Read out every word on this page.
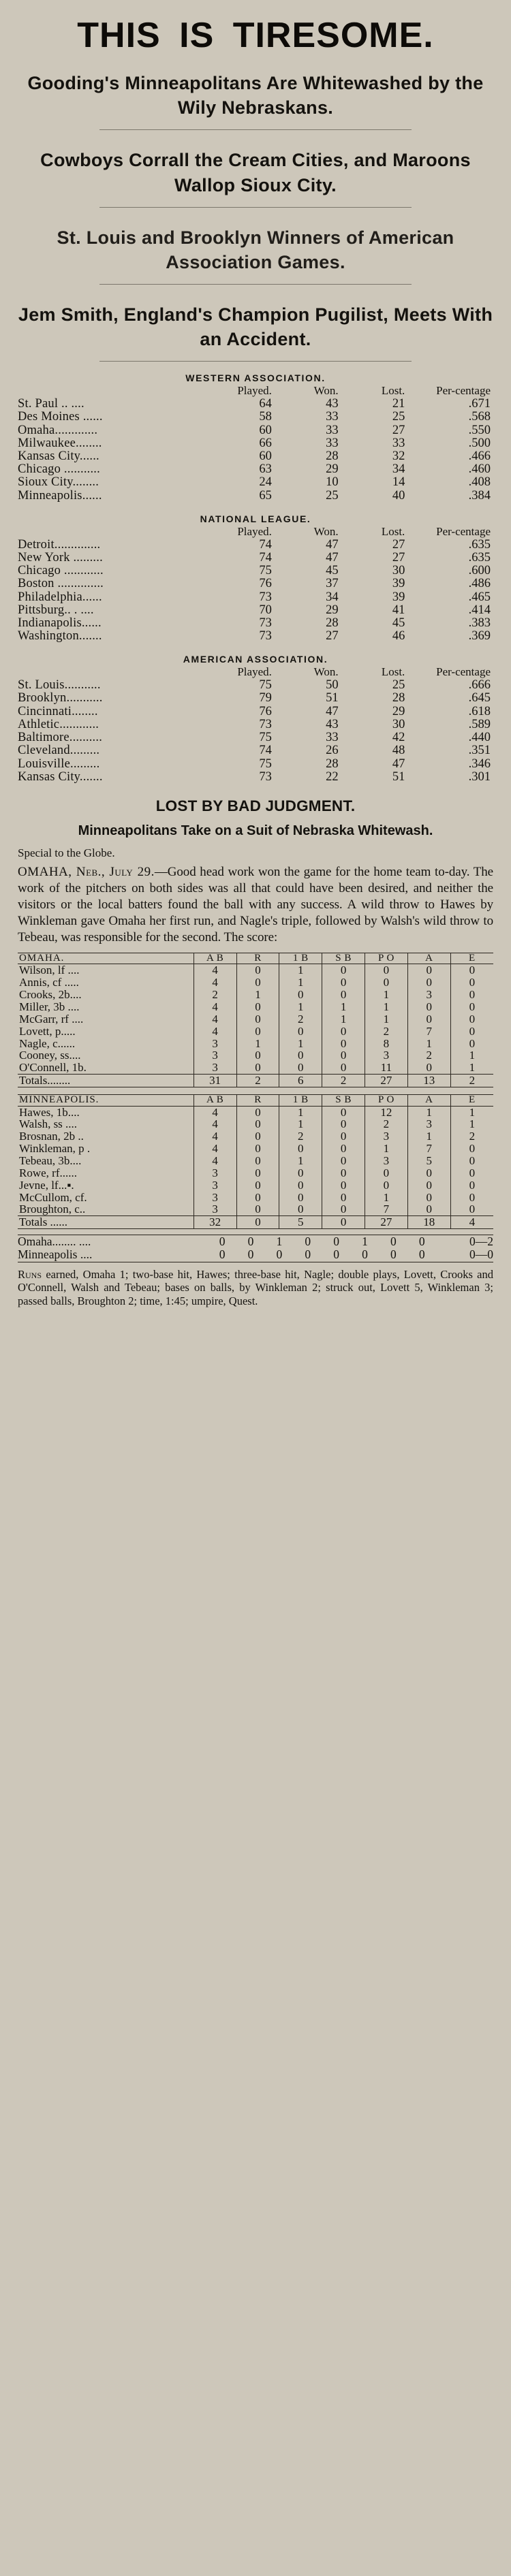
THIS IS TIRESOME.
Gooding's Minneapolitans Are Whitewashed by the Wily Nebraskans.
Cowboys Corrall the Cream Cities, and Maroons Wallop Sioux City.
St. Louis and Brooklyn Winners of American Association Games.
Jem Smith, England's Champion Pugilist, Meets With an Accident.
WESTERN ASSOCIATION.
	Played.	Won.	Lost.	Per-centage
St. Paul .. ....	64	43	21	.671
Des Moines ......	58	33	25	.568
Omaha.............	60	33	27	.550
Milwaukee........	66	33	33	.500
Kansas City......	60	28	32	.466
Chicago ...........	63	29	34	.460
Sioux City........	24	10	14	.408
Minneapolis......	65	25	40	.384
NATIONAL LEAGUE.
	Played.	Won.	Lost.	Per-centage
Detroit..............	74	47	27	.635
New York .........	74	47	27	.635
Chicago ............	75	45	30	.600
Boston ..............	76	37	39	.486
Philadelphia......	73	34	39	.465
Pittsburg.. . ....	70	29	41	.414
Indianapolis......	73	28	45	.383
Washington.......	73	27	46	.369
AMERICAN ASSOCIATION.
	Played.	Won.	Lost.	Per-centage
St. Louis...........	75	50	25	.666
Brooklyn...........	79	51	28	.645
Cincinnati........	76	47	29	.618
Athletic............	73	43	30	.589
Baltimore..........	75	33	42	.440
Cleveland.........	74	26	48	.351
Louisville.........	75	28	47	.346
Kansas City.......	73	22	51	.301
LOST BY BAD JUDGMENT.
Minneapolitans Take on a Suit of Nebraska Whitewash.
Special to the Globe.

OMAHA, Neb., July 29.—Good head work won the game for the home team to-day. The work of the pitchers on both sides was all that could have been desired, and neither the visitors or the local batters found the ball with any success. A wild throw to Hawes by Winkleman gave Omaha her first run, and Nagle's triple, followed by Walsh's wild throw to Tebeau, was responsible for the second. The score:

OMAHA.	A B	R	1 B	S B	P O	A	E
Wilson, lf ....	4	0	1	0	0	0	0
Annis, cf .....	4	0	1	0	0	0	0
Crooks, 2b....	2	1	0	0	1	3	0
Miller, 3b ....	4	0	1	1	1	0	0
McGarr, rf ....	4	0	2	1	1	0	0
Lovett, p.....	4	0	0	0	2	7	0
Nagle, c......	3	1	1	0	8	1	0
Cooney, ss....	3	0	0	0	3	2	1
O'Connell, 1b.	3	0	0	0	11	0	1
Totals........	31	2	6	2	27	13	2
MINNEAPOLIS.	A B	R	1 B	S B	P O	A	E
Hawes, 1b....	4	0	1	0	12	1	1
Walsh, ss ....	4	0	1	0	2	3	1
Brosnan, 2b ..	4	0	2	0	3	1	2
Winkleman, p .	4	0	0	0	1	7	0
Tebeau, 3b....	4	0	1	0	3	5	0
Rowe, rf......	3	0	0	0	0	0	0
Jevne, lf...▪.	3	0	0	0	0	0	0
McCullom, cf.	3	0	0	0	1	0	0
Broughton, c..	3	0	0	0	7	0	0
Totals ......	32	0	5	0	27	18	4
Omaha........ ....	0	0	1	0	0	1	0	0	0—2
Minneapolis ....	0	0	0	0	0	0	0	0	0—0

Runs earned, Omaha 1; two-base hit, Hawes; three-base hit, Nagle; double plays, Lovett, Crooks and O'Connell, Walsh and Tebeau; bases on balls, by Winkleman 2; struck out, Lovett 5, Winkleman 3; passed balls, Broughton 2; time, 1:45; umpire, Quest.
